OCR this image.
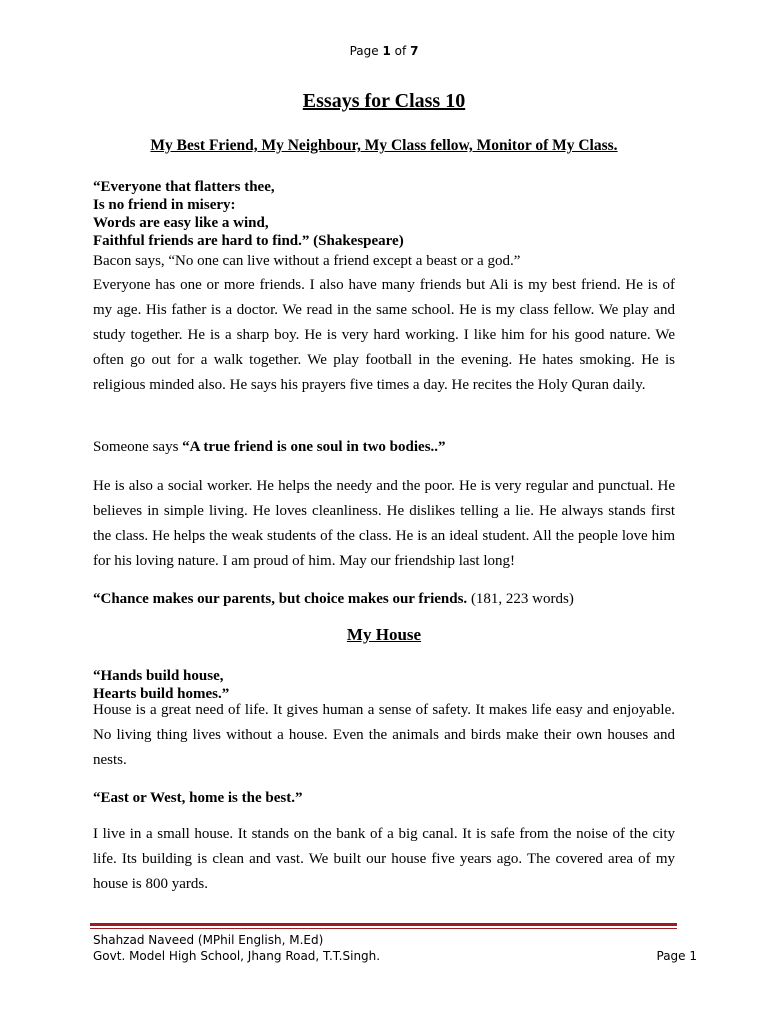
Page 1 of 7
Essays for Class 10
My Best Friend, My Neighbour, My Class fellow, Monitor of My Class.

“Everyone that flatters thee,

Is no friend in misery:

Words are easy like a wind,

Faithful friends are hard to find.” (Shakespeare)

Bacon says, “No one can live without a friend except a beast or a god.”

Everyone has one or more friends. I also have many friends but Ali is my best friend. He is of my age. His father is a doctor. We read in the same school. He is my class fellow. We play and study together. He is a sharp boy. He is very hard working. I like him for his good nature. We often go out for a walk together. We play football in the evening. He hates smoking. He is religious minded also. He says his prayers five times a day. He recites the Holy Quran daily.

Someone says “A true friend is one soul in two bodies..”

He is also a social worker. He helps the needy and the poor. He is very regular and punctual. He believes in simple living. He loves cleanliness. He dislikes telling a lie. He always stands first the class. He helps the weak students of the class. He is an ideal student. All the people love him for his loving nature. I am proud of him. May our friendship last long!

“Chance makes our parents, but choice makes our friends. (181, 223 words)

My House

“Hands build house,

Hearts build homes.”

House is a great need of life. It gives human a sense of safety. It makes life easy and enjoyable. No living thing lives without a house. Even the animals and birds make their own houses and nests.

“East or West, home is the best.”

I live in a small house. It stands on the bank of a big canal. It is safe from the noise of the city life. Its building is clean and vast. We built our house five years ago. The covered area of my house is 800 yards.

Shahzad Naveed (MPhil English, M.Ed)
Govt. Model High School, Jhang Road, T.T.Singh.	Page 1
